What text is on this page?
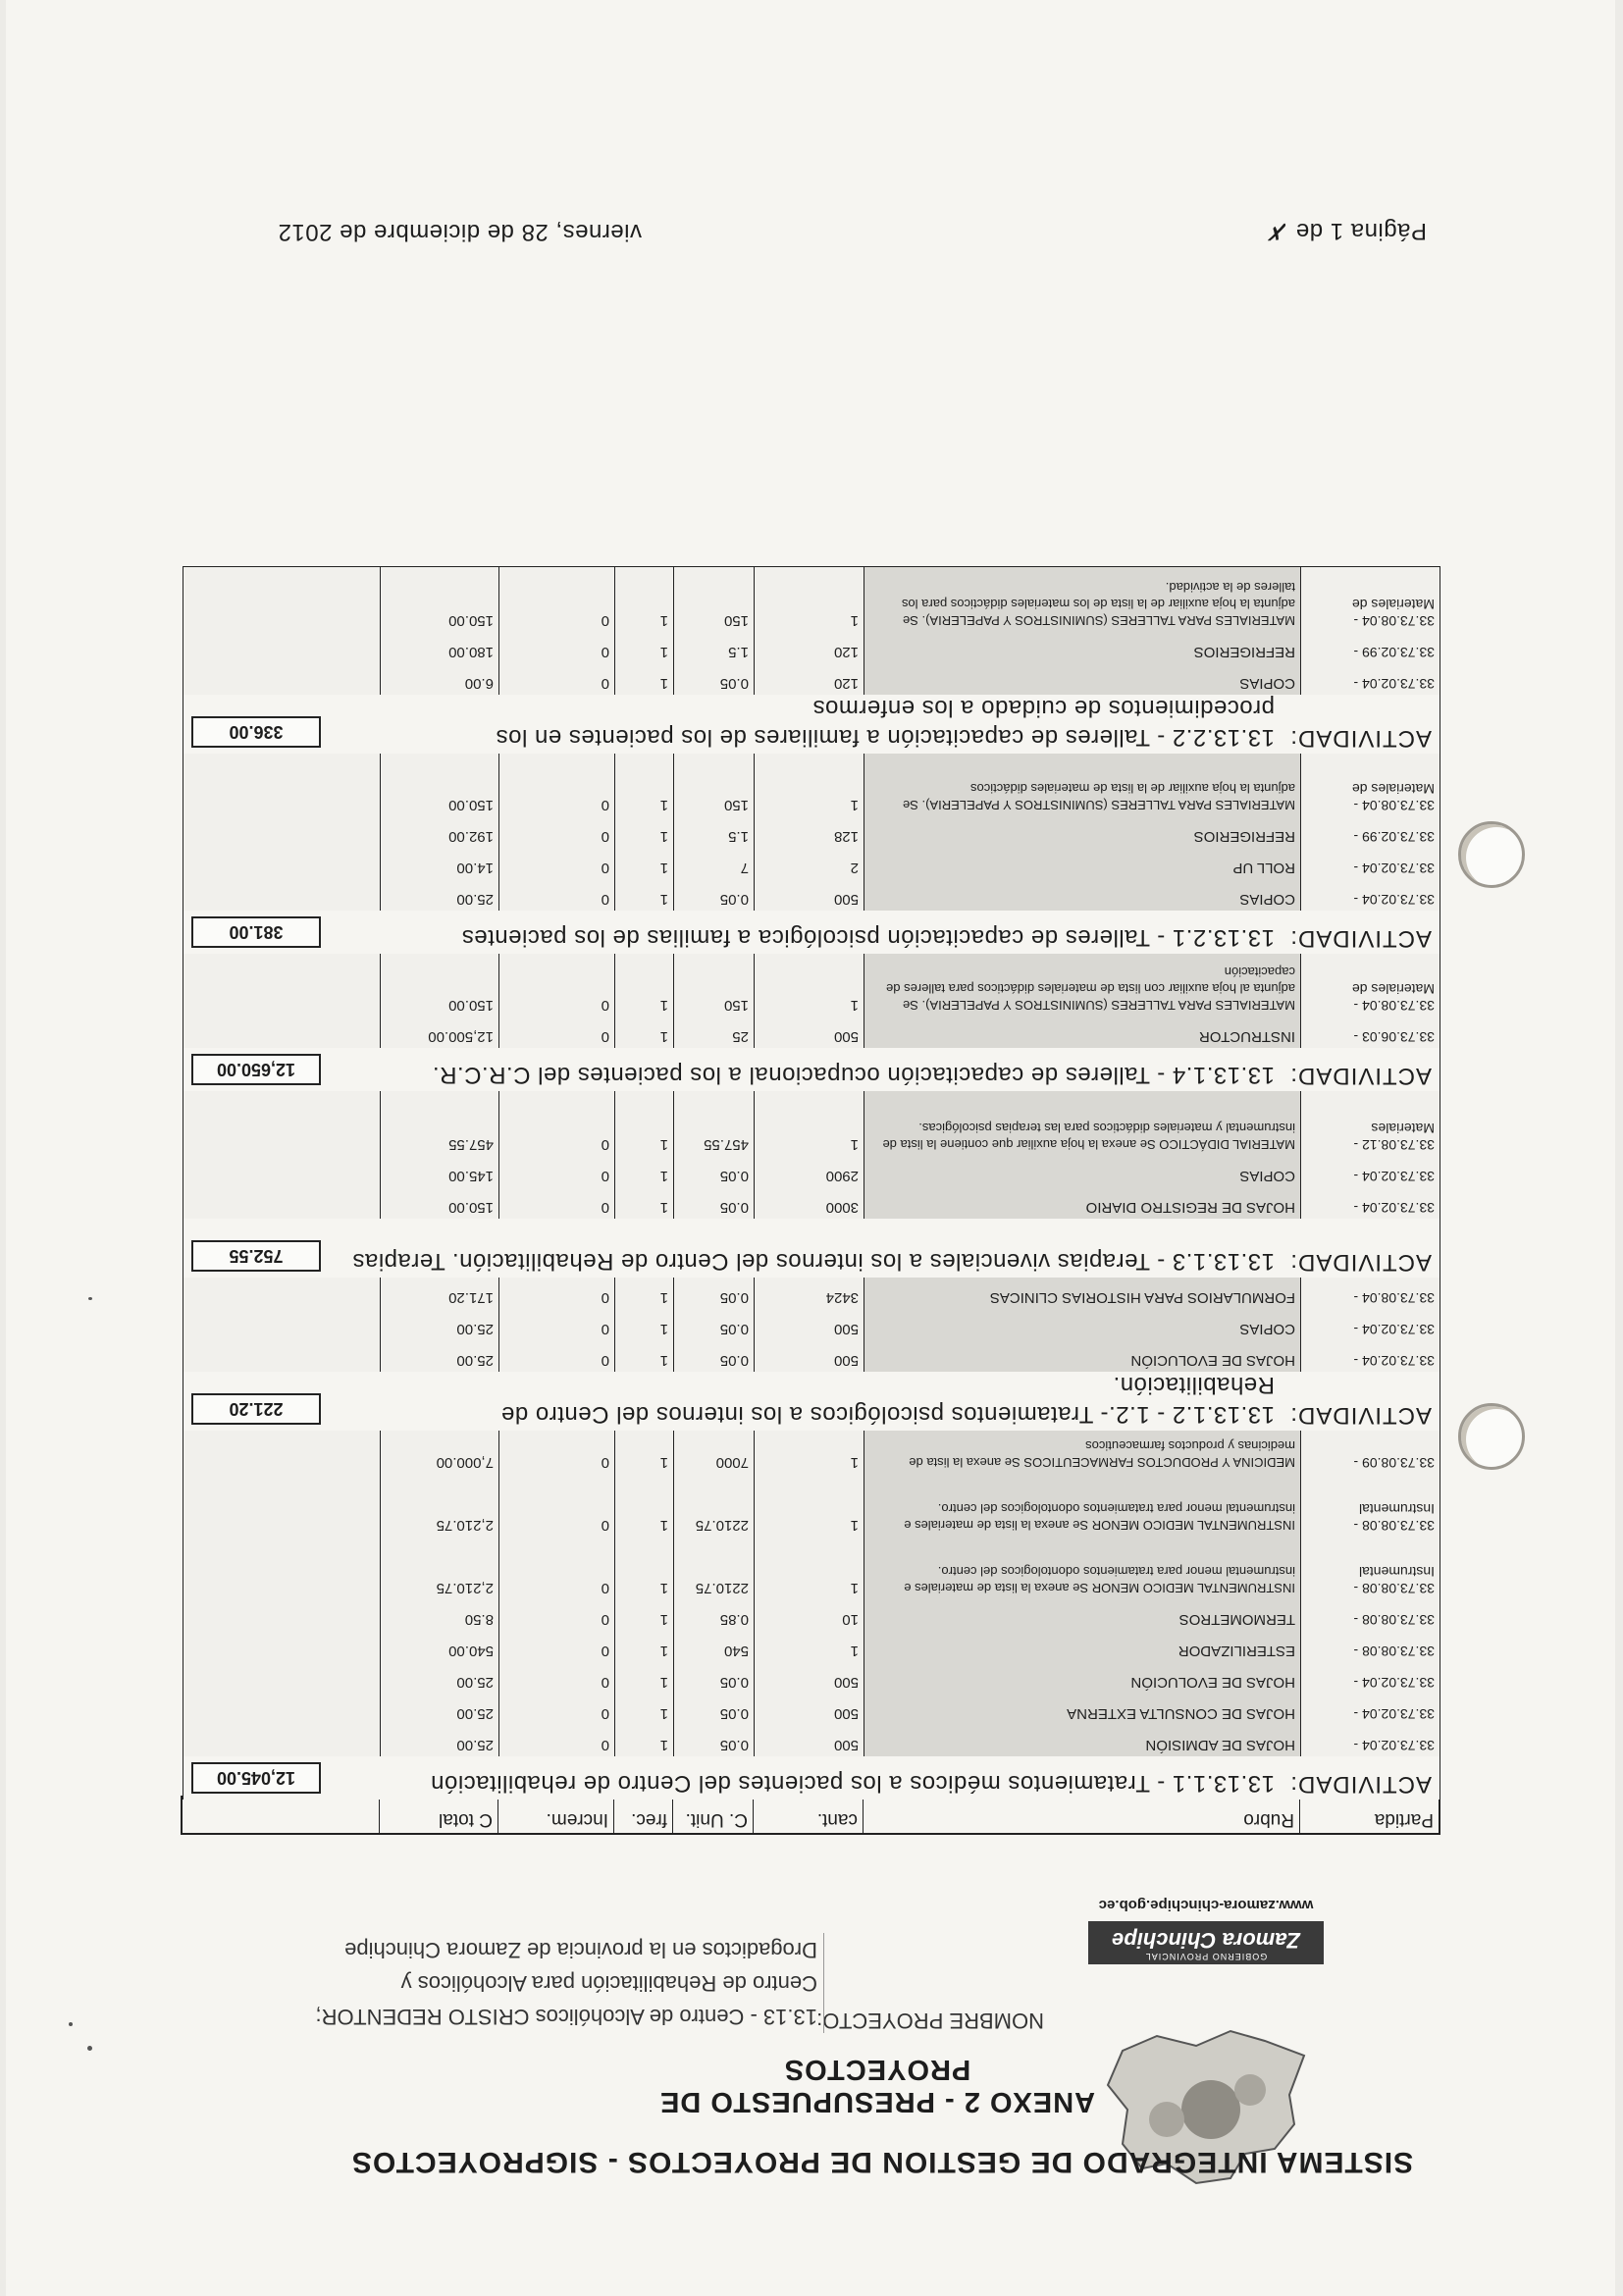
GOBIERNO PROVINCIAL
Zamora Chinchipe
www.zamora-chinchipe.gob.ec
SISTEMA INTEGRADO DE GESTION DE PROYECTOS - SIGPROYECTOS
ANEXO 2 - PRESUPUESTO DE PROYECTOS
NOMBRE PROYECTO:
13.13 - Centro de Alcohólicos CRISTO REDENTOR; Centro de Rehabilitación para Alcohólicos y Drogadictos en la provincia de Zamora Chinchipe
Partida
Rubro
cant.
C. Unit.
frec.
Increm.
C total
ACTIVIDAD:
13.13.1.1 - Tratamientos médicos a los pacientes del Centro de rehabilitación
12,045.00
33.73.02.04 -

HOJAS DE ADMISIÓN
500
0.05
1
0
25.00
33.73.02.04 -

HOJAS DE CONSULTA EXTERNA
500
0.05
1
0
25.00
33.73.02.04 -

HOJAS DE EVOLUCIÓN
500
0.05
1
0
25.00
33.73.08.08 -

ESTERILIZADOR
1
540
1
0
540.00
33.73.08.08 -

TERMOMETROS
10
0.85
1
0
8.50
33.73.08.08 -
Instrumental
INSTRUMENTAL MEDICO MENOR Se anexa la lista de materiales e instrumental menor para tratamientos odontologicos del centro.
1
2210.75
1
0
2,210.75
33.73.08.08 -
Instrumental
INSTRUMENTAL MEDICO MENOR Se anexa la lista de materiales e instrumental menor para tratamientos odontologicos del centro.
1
2210.75
1
0
2,210.75
33.73.08.09 -

MEDICINA Y PRODUCTOS FARMACEUTICOS Se anexa la lista de medicinas y productos farmaceuticos
1
7000
1
0
7,000.00
ACTIVIDAD:
13.13.1.2 - 1.2.- Tratamientos psicológicos a los internos del Centro de Rehabilitación.
221.20
33.73.02.04 -

HOJAS DE EVOLUCIÓN
500
0.05
1
0
25.00
33.73.02.04 -

COPIAS
500
0.05
1
0
25.00
33.73.08.04 -

FORMULARIOS PARA HISTORIAS CLINICAS
3424
0.05
1
0
171.20
ACTIVIDAD:
13.13.1.3 - Terapias vivenciales a los internos del Centro de Rehabilitación. Terapias
752.55
33.73.02.04 -

HOJAS DE REGISTRO DIARIO
3000
0.05
1
0
150.00
33.73.02.04 -

COPIAS
2900
0.05
1
0
145.00
33.73.08.12 -
Materiales
MATERIAL DIDÁCTICO Se anexa la hoja auxiliar que contiene la lista de instrumental y materiales didácticos para las terapias psicológicas.
1
457.55
1
0
457.55
ACTIVIDAD:
13.13.1.4 - Talleres de capacitación ocupacional a los pacientes del C.R.C.R.
12,650.00
33.73.06.03 -

INSTRUCTOR
500
25
1
0
12,500.00
33.73.08.04 -
Materiales de
MATERIALES PARA TALLERES (SUMINISTROS Y PAPELERIA). Se adjunta al hoja auxiliar con lista de materiales didácticos para talleres de capacitación
1
150
1
0
150.00
ACTIVIDAD:
13.13.2.1 - Talleres de capacitación psicológica a familias de los pacientes
381.00
33.73.02.04 -

COPIAS
500
0.05
1
0
25.00
33.73.02.04 -

ROLL UP
2
7
1
0
14.00
33.73.02.99 -

REFRIGERIOS
128
1.5
1
0
192.00
33.73.08.04 -
Materiales de
MATERIALES PARA TALLERES (SUMINISTROS Y PAPELERIA). Se adjunta la hoja auxiliar de la lista de materiales didácticos
1
150
1
0
150.00
ACTIVIDAD:
13.13.2.2 - Talleres de capacitación a familiares de los pacientes en los procedimientos de cuidado a los enfermos
336.00
33.73.02.04 -

COPIAS
120
0.05
1
0
6.00
33.73.02.99 -

REFRIGERIOS
120
1.5
1
0
180.00
33.73.08.04 -
Materiales de
MATERIALES PARA TALLERES (SUMINISTROS Y PAPELERIA). Se adjunta la hoja auxiliar de la lista de los materiales didácticos para los talleres de la actividad.
1
150
1
0
150.00
viernes, 28 de diciembre de 2012	Página 1 de ✗
